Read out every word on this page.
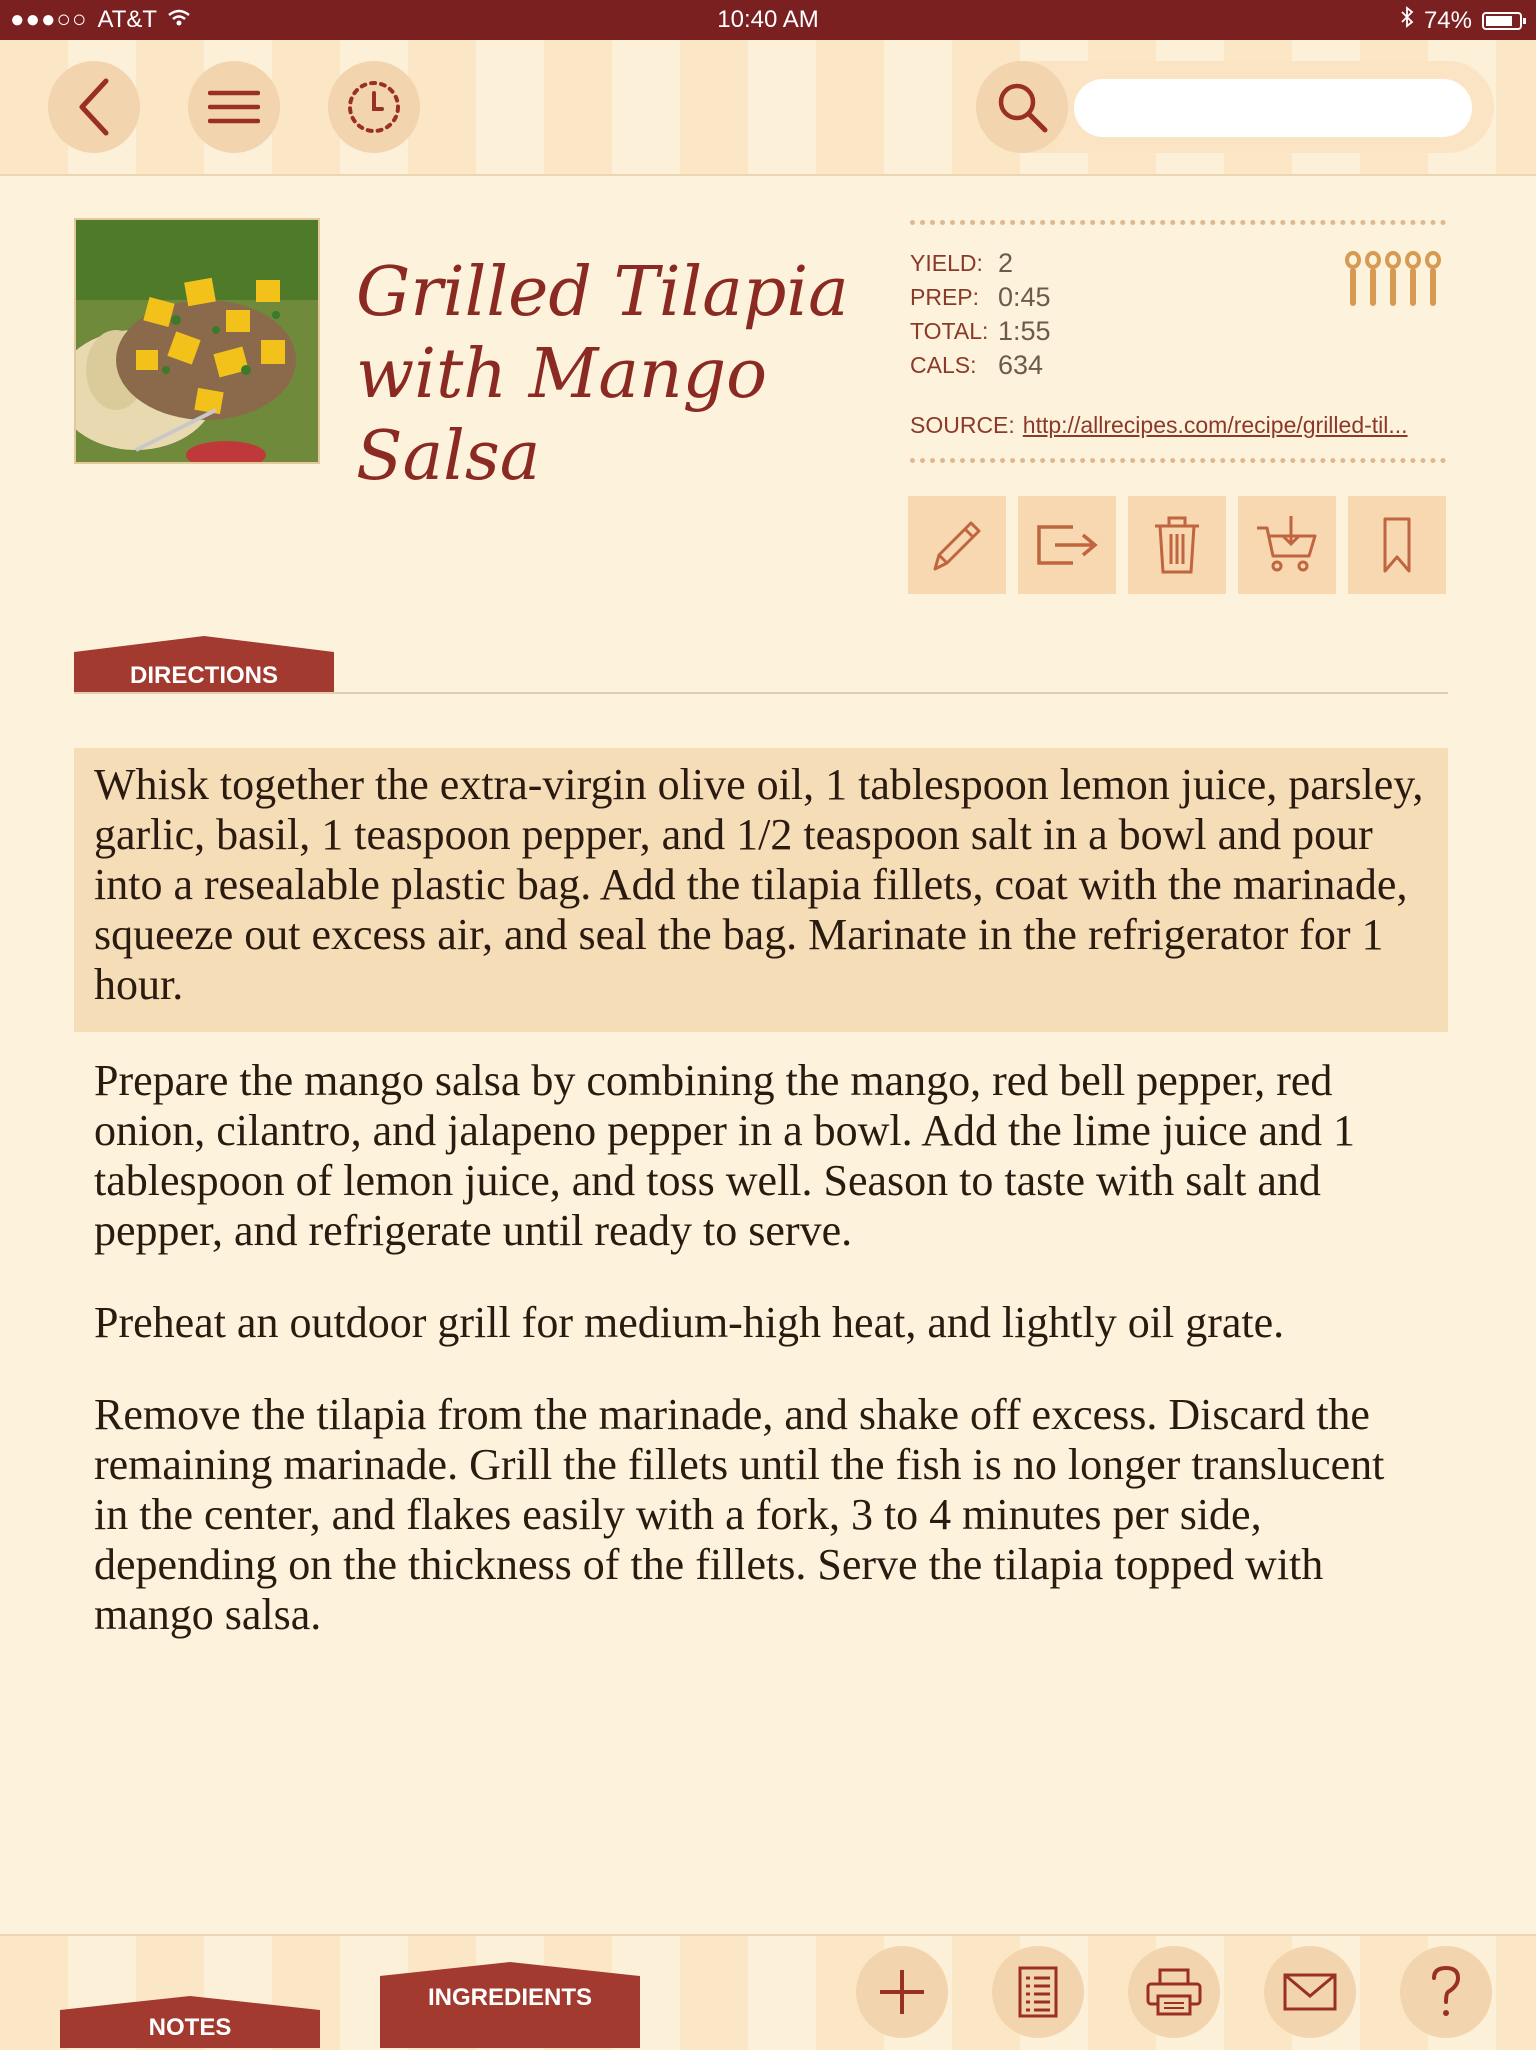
●●●○○ AT&T	10:40 AM	74%
Grilled Tilapia
with Mango Salsa
YIELD: 2
PREP: 0:45
TOTAL: 1:55
CALS: 634
SOURCE: http://allrecipes.com/recipe/grilled-til...
DIRECTIONS

Whisk together the extra-virgin olive oil, 1 tablespoon lemon juice, parsley, garlic, basil, 1 teaspoon pepper, and 1/2 teaspoon salt in a bowl and pour into a resealable plastic bag. Add the tilapia fillets, coat with the marinade, squeeze out excess air, and seal the bag. Marinate in the refrigerator for 1 hour.

Prepare the mango salsa by combining the mango, red bell pepper, red onion, cilantro, and jalapeno pepper in a bowl. Add the lime juice and 1 tablespoon of lemon juice, and toss well. Season to taste with salt and pepper, and refrigerate until ready to serve.

Preheat an outdoor grill for medium-high heat, and lightly oil grate.

Remove the tilapia from the marinade, and shake off excess. Discard the remaining marinade. Grill the fillets until the fish is no longer translucent in the center, and flakes easily with a fork, 3 to 4 minutes per side, depending on the thickness of the fillets. Serve the tilapia topped with mango salsa.

NOTES
INGREDIENTS
